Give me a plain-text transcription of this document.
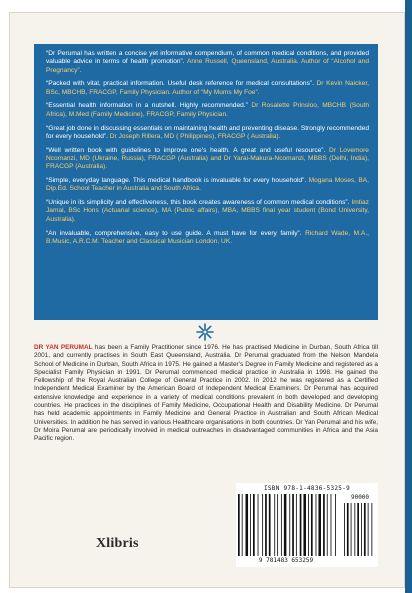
“Dr Perumal has written a concise yet informative compendium, of common medical conditions, and provided valuable advice in terms of health promotion”. Anne Russell, Queensland, Australia. Author of “Alcohol and Pregnancy”.

“Packed with vital, practical information. Useful desk reference for medical consultations”. Dr Kevin Naicker, BSc, MBCHB, FRACGP, Family Physician. Author of “My Mums My Foe”.

“Essential health information in a nutshell. Highly recommended.” Dr Rosalette Prinsloo, MBCHB (South Africa), M.Med (Family Medicine), FRACGP, Family Physician.

“Great job done in discussing essentials on maintaining health and preventing disease. Strongly recommended for every household”. Dr Joseph Rillera, MD ( Philippines), FRACGP ( Australia).

“Well written book with guidelines to improve one’s health. A great and useful resource”. Dr Lovemore Ncomanzi, MD (Ukraine, Russia), FRACGP (Australia) and Dr Yarai-Makura-Ncomanzi, MBBS (Delhi, India), FRACGP (Australia).

“Simple, everyday language. This medical handbook is invaluable for every household”. Mogana Moses, BA, Dip.Ed. School Teacher in Australia and South Africa.

“Unique in its simplicity and effectiveness, this book creates awareness of common medical conditions”. Imtiaz Jamal, BSc Hons (Actuarial science), MA (Public affairs), MBA, MBBS final year student (Bond University, Australia).

“An invaluable, comprehensive, easy to use guide. A must have for every family”. Richard Wade, M.A., B.Music, A.R.C.M. Teacher and Classical Musician London, UK.

DR YAN PERUMAL has been a Family Practitioner since 1976. He has practised Medicine in Durban, South Africa till 2001, and currently practises in South East Queensland, Australia. Dr Perumal graduated from the Nelson Mandela School of Medicine in Durban, South Africa in 1975. He gained a Master’s Degree in Family Medicine and registered as a Specialist Family Physician in 1991. Dr Perumal commenced medical practice in Australia in 1998. He gained the Fellowship of the Royal Australian College of General Practice in 2002. In 2012 he was registered as a Certified Independent Medical Examiner by the American Board of Independent Medical Examiners. Dr Perumal has acquired extensive knowledge and experience in a variety of medical conditions prevalent in both developed and developing countries. He practices in the disciplines of Family Medicine, Occupational Health and Disability Medicine. Dr Perumal has held academic appointments in Family Medicine and General Practice in Australian and South African Medical Universities. In addition he has served in various Healthcare organisations in both countries. Dr Yan Perumal and his wife, Dr Moira Perumal are periodically involved in medical outreaches in disadvantaged communities in Africa and the Asia Pacific region.
Xlibris
ISBN 978-1-4836-5325-9
90000
9 781483 653259
